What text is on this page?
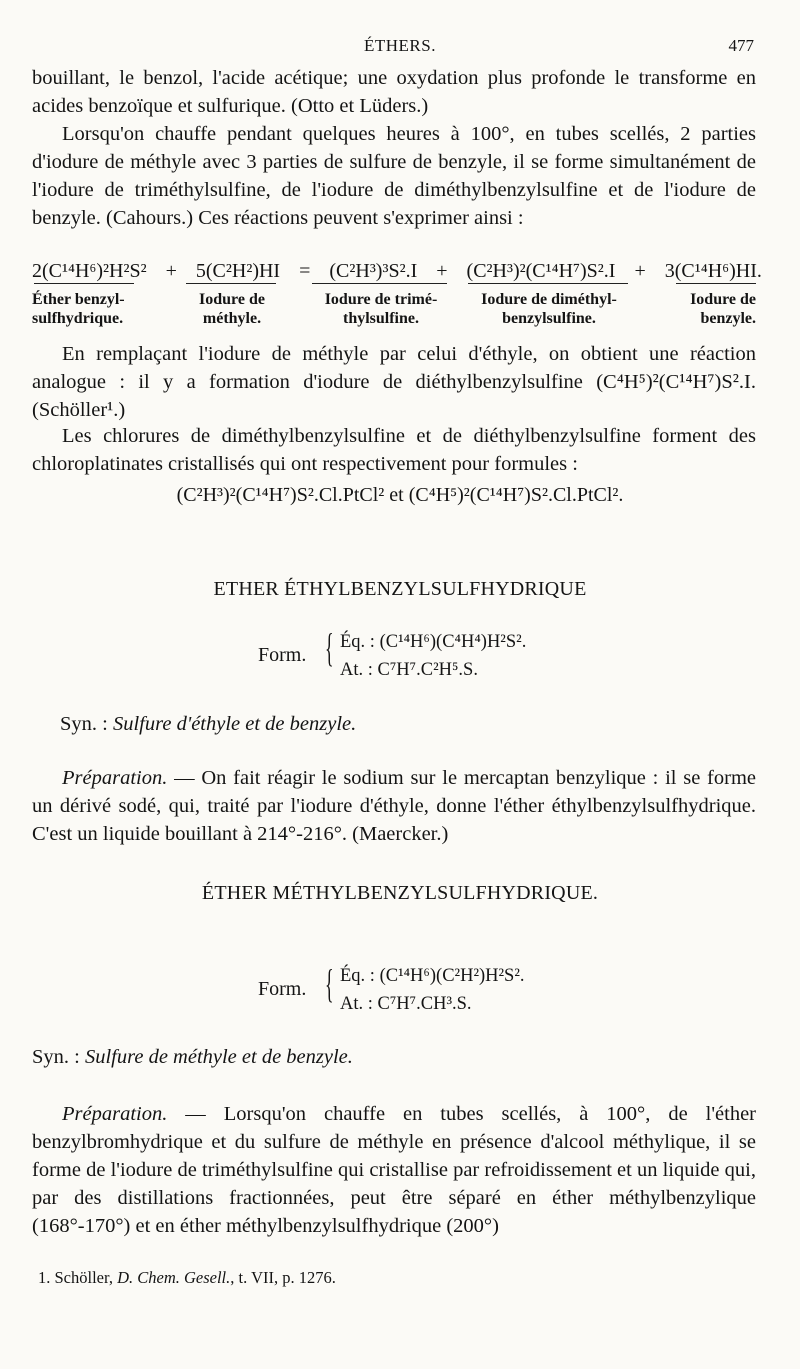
ÉTHERS.	477
bouillant, le benzol, l'acide acétique; une oxydation plus profonde le transforme en acides benzoïque et sulfurique. (Otto et Lüders.)
Lorsqu'on chauffe pendant quelques heures à 100°, en tubes scellés, 2 parties d'iodure de méthyle avec 3 parties de sulfure de benzyle, il se forme simultanément de l'iodure de triméthylsulfine, de l'iodure de diméthylbenzylsulfine et de l'iodure de benzyle. (Cahours.) Ces réactions peuvent s'exprimer ainsi :
2(C¹⁴H⁶)²H²S² + 5(C²H²)HI = (C²H³)³S².I + (C²H³)²(C¹⁴H⁷)S².I + 3(C¹⁴H⁶)HI.
Éther benzyl-
sulfhydrique.
Iodure de
méthyle.
Iodure de trimé-
thylsulfine.
Iodure de diméthyl-
benzylsulfine.
Iodure de
benzyle.
En remplaçant l'iodure de méthyle par celui d'éthyle, on obtient une réaction analogue : il y a formation d'iodure de diéthylbenzylsulfine (C⁴H⁵)²(C¹⁴H⁷)S².I. (Schöller¹.)
Les chlorures de diméthylbenzylsulfine et de diéthylbenzylsulfine forment des chloroplatinates cristallisés qui ont respectivement pour formules :
(C²H³)²(C¹⁴H⁷)S².Cl.PtCl² et (C⁴H⁵)²(C¹⁴H⁷)S².Cl.PtCl².
ETHER ÉTHYLBENZYLSULFHYDRIQUE
Form. { Éq. : (C¹⁴H⁶)(C⁴H⁴)H²S².
At. : C⁷H⁷.C²H⁵.S.
Syn. : Sulfure d'éthyle et de benzyle.
Préparation. — On fait réagir le sodium sur le mercaptan benzylique : il se forme un dérivé sodé, qui, traité par l'iodure d'éthyle, donne l'éther éthylbenzylsulfhydrique. C'est un liquide bouillant à 214°-216°. (Maercker.)
ÉTHER MÉTHYLBENZYLSULFHYDRIQUE.
Form. { Éq. : (C¹⁴H⁶)(C²H²)H²S².
At. : C⁷H⁷.CH³.S.
Syn. : Sulfure de méthyle et de benzyle.
Préparation. — Lorsqu'on chauffe en tubes scellés, à 100°, de l'éther benzylbromhydrique et du sulfure de méthyle en présence d'alcool méthylique, il se forme de l'iodure de triméthylsulfine qui cristallise par refroidissement et un liquide qui, par des distillations fractionnées, peut être séparé en éther méthylbenzylique (168°-170°) et en éther méthylbenzylsulfhydrique (200°)
1. Schöller, D. Chem. Gesell., t. VII, p. 1276.
